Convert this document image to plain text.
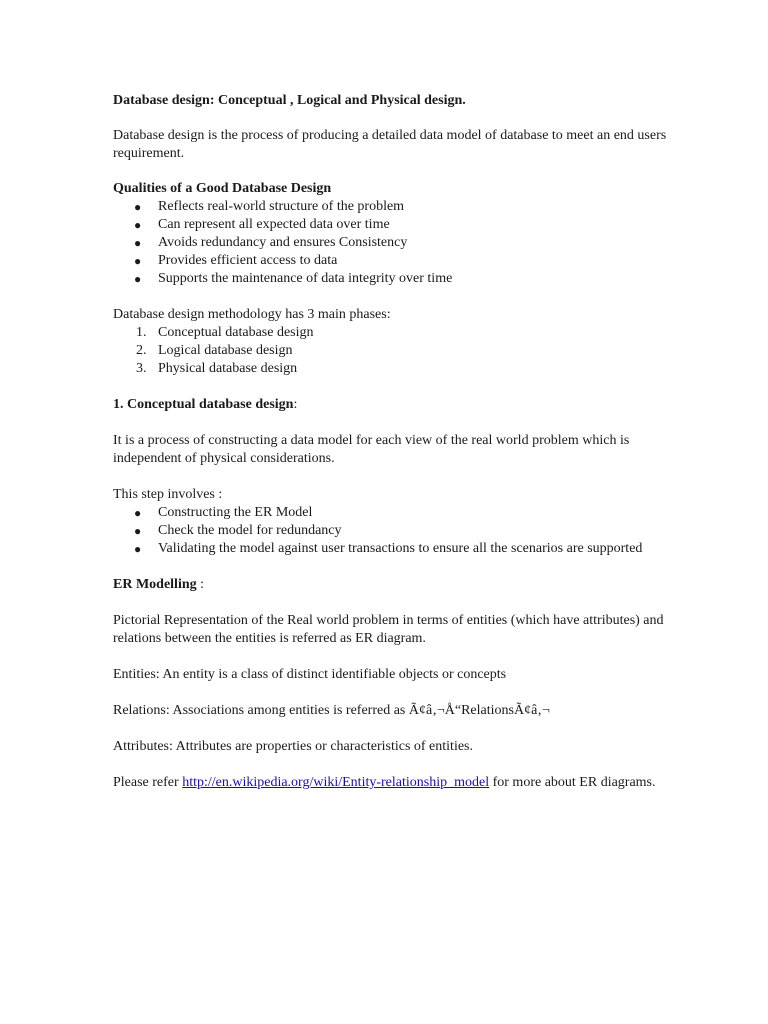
Database design: Conceptual , Logical and Physical design.

Database design is the process of producing a detailed data model of database to meet an end users requirement.

Qualities of a Good Database Design

● Reflects real-world structure of the problem
● Can represent all expected data over time
● Avoids redundancy and ensures Consistency
● Provides efficient access to data
● Supports the maintenance of data integrity over time

Database design methodology has 3 main phases:

1. Conceptual database design
2. Logical database design
3. Physical database design

1. Conceptual database design:

It is a process of constructing a data model for each view of the real world problem which is independent of physical considerations.

This step involves :

● Constructing the ER Model
● Check the model for redundancy
● Validating the model against user transactions to ensure all the scenarios are supported

ER Modelling :

Pictorial Representation of the Real world problem in terms of entities (which have attributes) and relations between the entities is referred as ER diagram.

Entities: An entity is a class of distinct identifiable objects or concepts

Relations: Associations among entities is referred as Ã¢â‚¬Å“RelationsÃ¢â‚¬

Attributes: Attributes are properties or characteristics of entities.

Please refer http://en.wikipedia.org/wiki/Entity-relationship_model for more about ER diagrams.
